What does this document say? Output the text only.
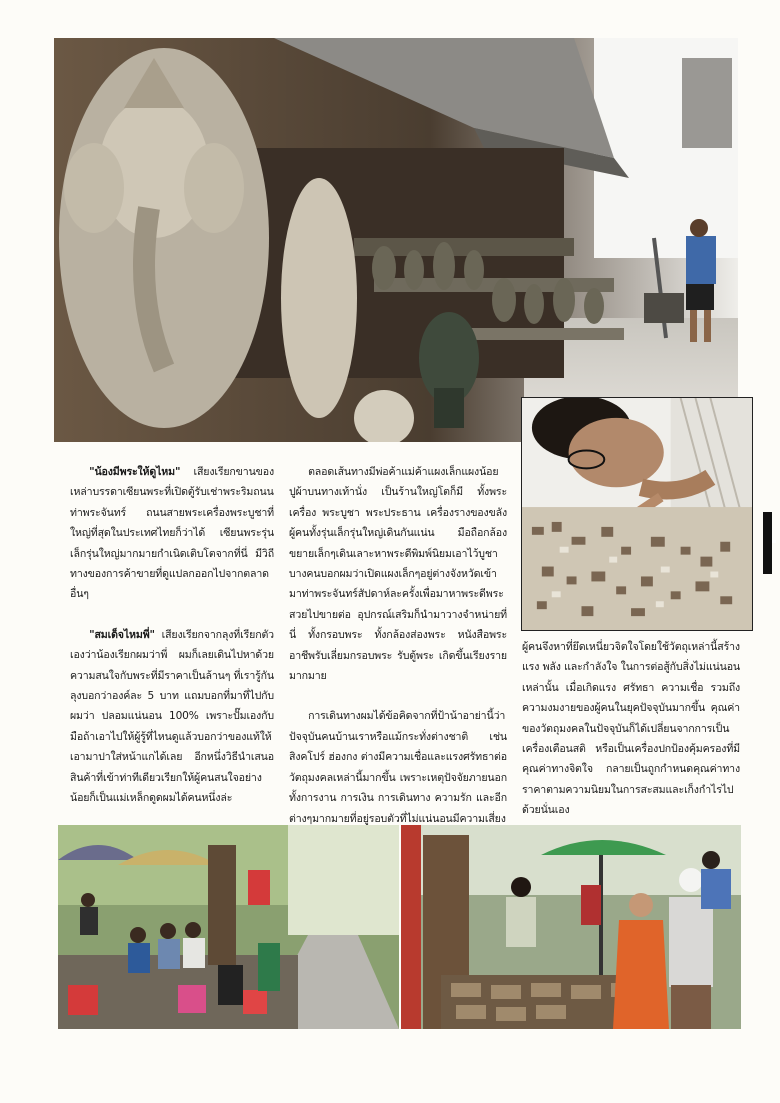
"น้องมีพระให้ดูไหม" เสียงเรียกขานของเหล่าบรรดาเซียนพระที่เปิดตู้รับเช่าพระริมถนนท่าพระจันทร์ ถนนสายพระเครื่องพระบูชาที่ใหญ่ที่สุดในประเทศไทยก็ว่าได้ เซียนพระรุ่นเล็กรุ่นใหญ่มากมายกำเนิดเติบโตจากที่นี่ มีวิถีทางของการค้าขายที่ดูแปลกออกไปจากตลาดอื่นๆ

"สมเด็จไหมพี่" เสียงเรียกจากลุงที่เรียกตัวเองว่าน้องเรียกผมว่าพี่ ผมก็เลยเดินไปหาด้วยความสนใจกับพระที่มีราคาเป็นล้านๆ ที่เรารู้กัน ลุงบอกว่าองค์ละ 5 บาท แถมบอกที่มาที่ไปกับผมว่า ปลอมแน่นอน 100% เพราะปั๊มเองกับมือถ้าเอาไปให้ผู้รู้ที่ไหนดูแล้วบอกว่าของแท้ให้เอามาปาใส่หน้าแกได้เลย อีกหนึ่งวิธีนำเสนอสินค้าที่เข้าท่าทีเดียวเรียกให้ผู้คนสนใจอย่างน้อยก็เป็นแม่เหล็กดูดผมได้คนหนึ่งล่ะ

ตลอดเส้นทางมีพ่อค้าแม่ค้าแผงเล็กแผงน้อย ปูผ้าบนทางเท้านั่ง เป็นร้านใหญ่โตก็มี ทั้งพระเครื่อง พระบูชา พระประธาน เครื่องรางของขลังผู้คนทั้งรุ่นเล็กรุ่นใหญ่เดินกันแน่น มือถือกล้องขยายเล็กๆเดินเลาะหาพระดีพิมพ์นิยมเอาไว้บูชาบางคนบอกผมว่าเปิดแผงเล็กๆอยู่ต่างจังหวัดเข้ามาท่าพระจันทร์สัปดาห์ละครั้งเพื่อมาหาพระดีพระสวยไปขายต่อ อุปกรณ์เสริมก็นำมาวางจำหน่ายที่นี่ ทั้งกรอบพระ ทั้งกล้องส่องพระ หนังสือพระ อาชีพรับเลี่ยมกรอบพระ รับตู้พระ เกิดขึ้นเรียงรายมากมาย

การเดินทางผมได้ข้อคิดจากที่ป้าน้าอาย่านี้ว่าปัจจุบันคนบ้านเราหรือแม้กระทั่งต่างชาติ เช่น สิงคโปร์ ฮ่องกง ต่างมีความเชื่อและแรงศรัทธาต่อวัตถุมงคลเหล่านี้มากขึ้น เพราะเหตุปัจจัยภายนอกทั้งการงาน การเงิน การเดินทาง ความรัก และอีกต่างๆมากมายที่อยู่รอบตัวที่ไม่แน่นอนมีความเสี่ยง

ผู้คนจึงหาที่ยึดเหนี่ยวจิตใจโดยใช้วัตถุเหล่านี้สร้างแรง พลัง และกำลังใจ ในการต่อสู้กับสิ่งไม่แน่นอนเหล่านั้น เมื่อเกิดแรง ศรัทธา ความเชื่อ รวมถึงความงมงายของผู้คนในยุคปัจจุบันมากขึ้น คุณค่าของวัตถุมงคลในปัจจุบันก็ได้เปลี่ยนจากการเป็นเครื่องเตือนสติ หรือเป็นเครื่องปกป้องคุ้มครองที่มีคุณค่าทางจิตใจ กลายเป็นถูกกำหนดคุณค่าทางราคาตามความนิยมในการสะสมและเก็งกำไรไปด้วยนั่นเอง
